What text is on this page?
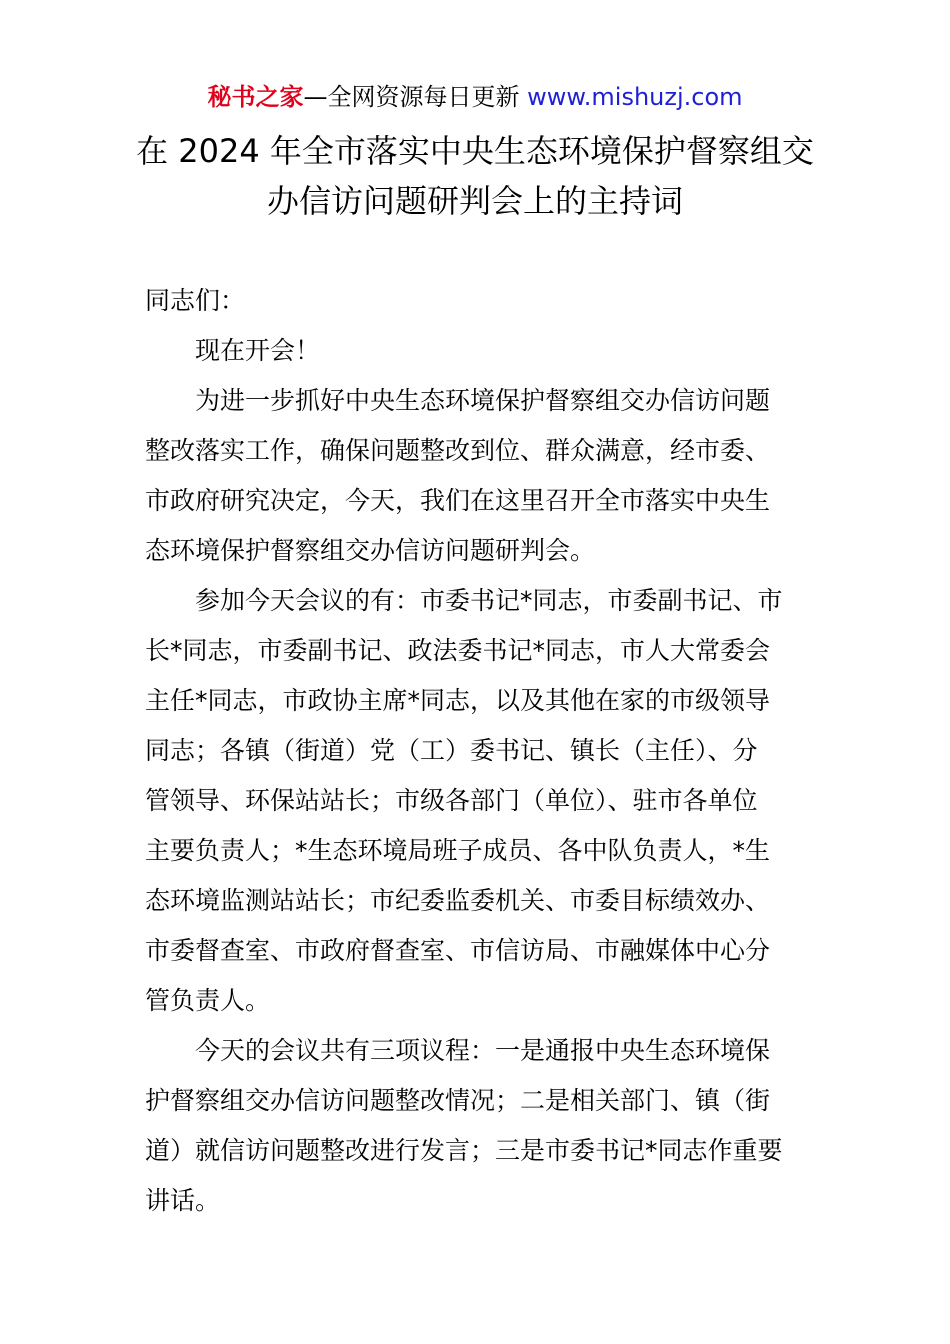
秘书之家—全网资源每日更新 www.mishuzj.com
在 2024 年全市落实中央生态环境保护督察组交
办信访问题研判会上的主持词
同志们：
现在开会！
为进一步抓好中央生态环境保护督察组交办信访问题
整改落实工作，确保问题整改到位、群众满意，经市委、
市政府研究决定，今天，我们在这里召开全市落实中央生
态环境保护督察组交办信访问题研判会。
参加今天会议的有：市委书记*同志，市委副书记、市
长*同志，市委副书记、政法委书记*同志，市人大常委会
主任*同志，市政协主席*同志，以及其他在家的市级领导
同志；各镇（街道）党（工）委书记、镇长（主任）、分
管领导、环保站站长；市级各部门（单位）、驻市各单位
主要负责人；*生态环境局班子成员、各中队负责人，*生
态环境监测站站长；市纪委监委机关、市委目标绩效办、
市委督查室、市政府督查室、市信访局、市融媒体中心分
管负责人。
今天的会议共有三项议程：一是通报中央生态环境保
护督察组交办信访问题整改情况；二是相关部门、镇（街
道）就信访问题整改进行发言；三是市委书记*同志作重要
讲话。
